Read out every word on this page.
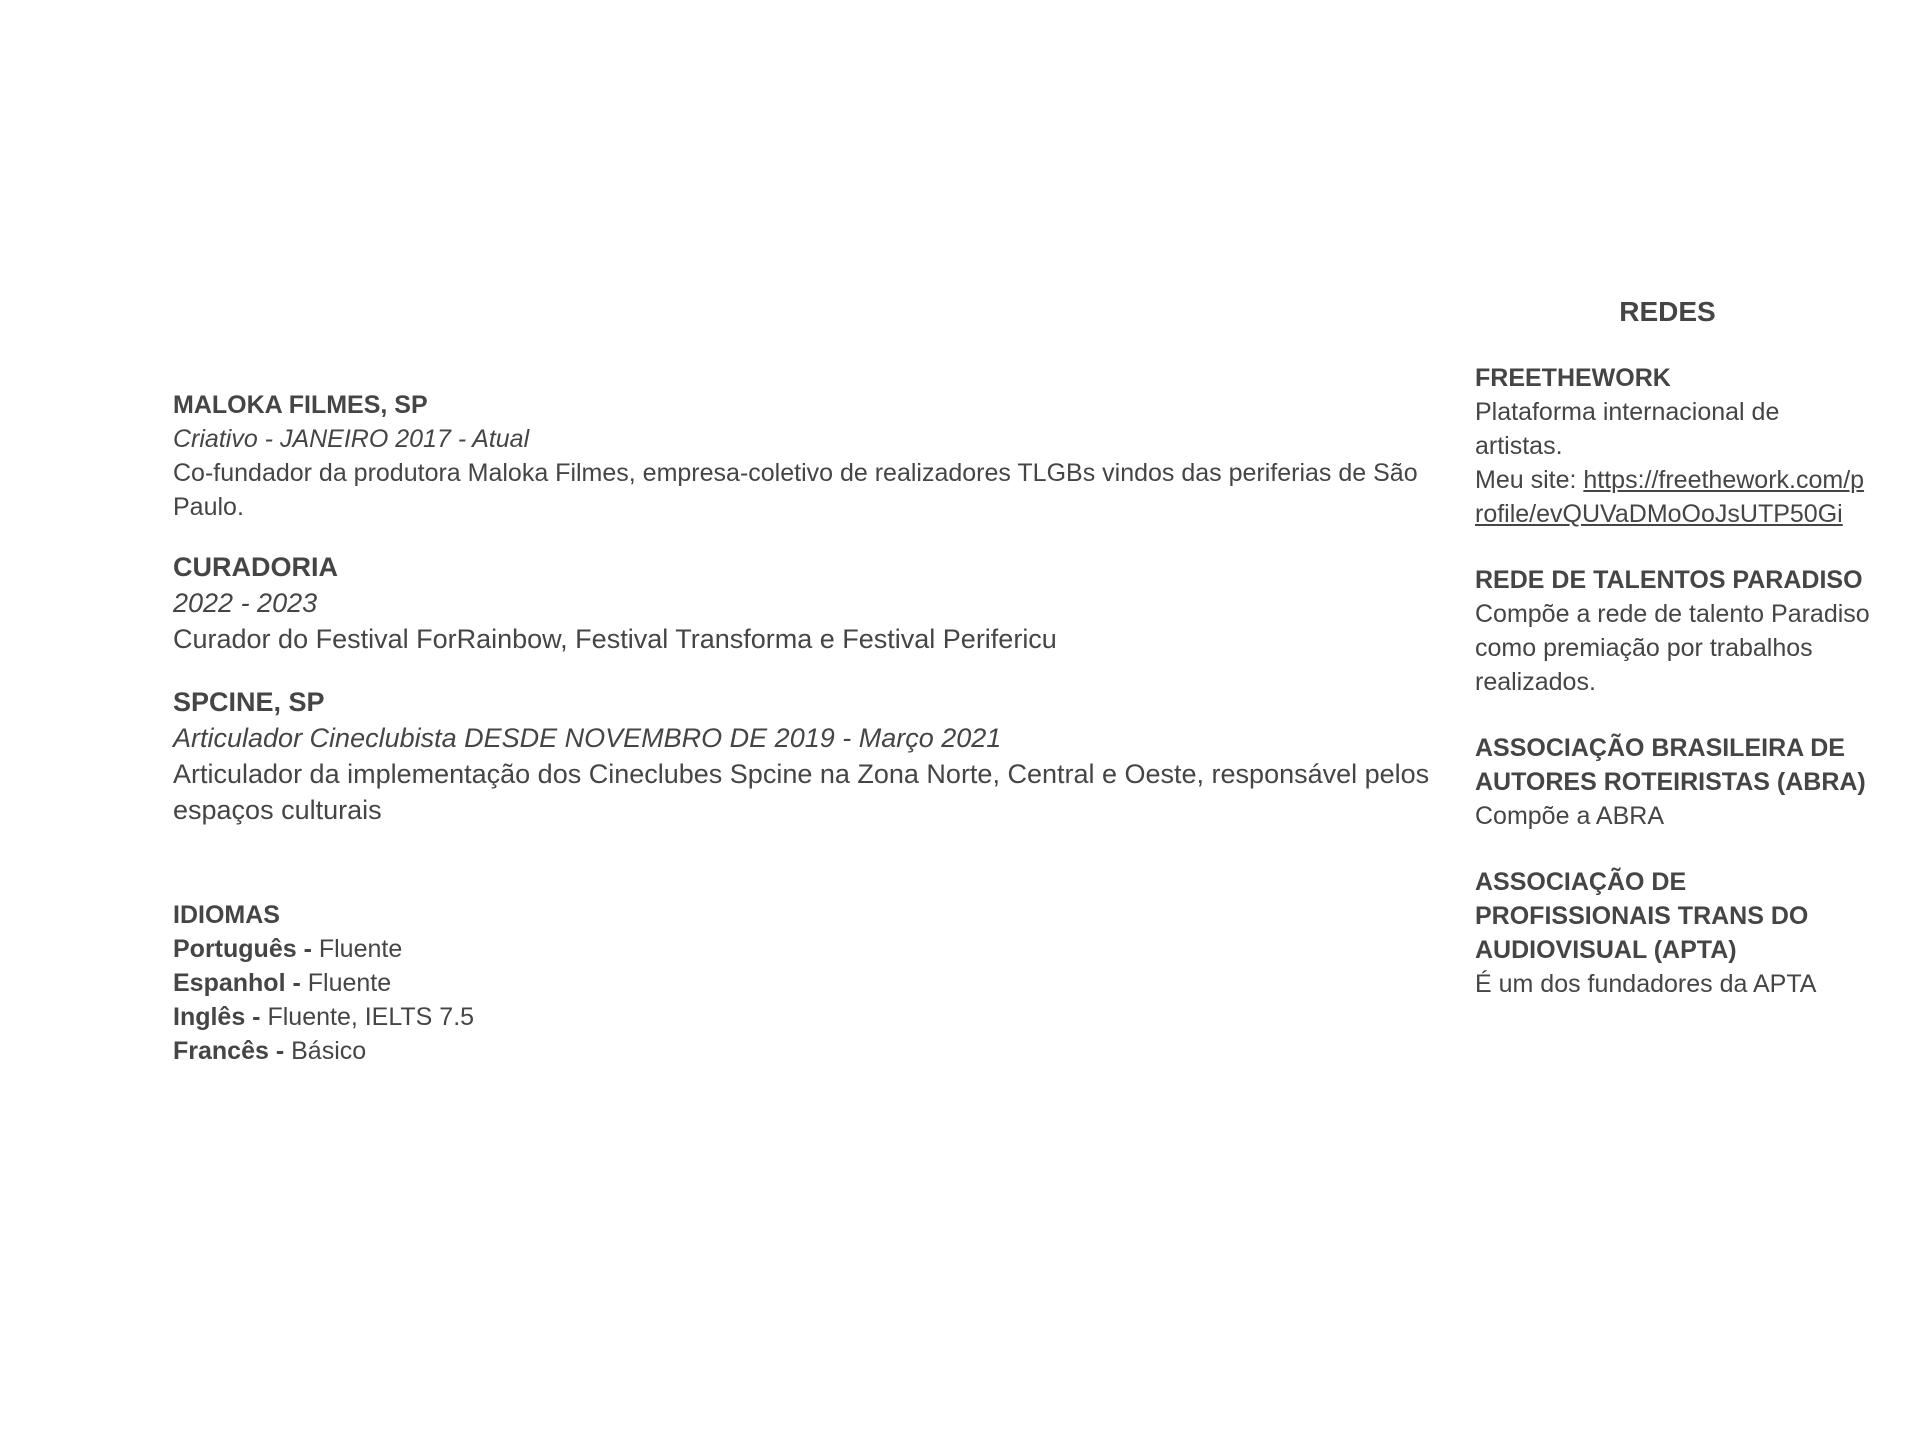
MALOKA FILMES, SP
Criativo - JANEIRO 2017 - Atual
Co-fundador da produtora Maloka Filmes, empresa-coletivo de realizadores TLGBs vindos das periferias de São Paulo.
CURADORIA
2022 - 2023
Curador do Festival ForRainbow, Festival Transforma e Festival Perifericu
SPCINE, SP
Articulador Cineclubista DESDE NOVEMBRO DE 2019 - Março 2021
Articulador da implementação dos Cineclubes Spcine na Zona Norte, Central e Oeste, responsável pelos espaços culturais
IDIOMAS
Português - Fluente
Espanhol - Fluente
Inglês - Fluente, IELTS 7.5
Francês - Básico
REDES
FREETHEWORK
Plataforma internacional de artistas.
Meu site: https://freethework.com/profile/evQUVaDMoOoJsUTP50Gi
REDE DE TALENTOS PARADISO
Compõe a rede de talento Paradiso como premiação por trabalhos realizados.
ASSOCIAÇÃO BRASILEIRA DE AUTORES ROTEIRISTAS (ABRA)
Compõe a ABRA
ASSOCIAÇÃO DE PROFISSIONAIS TRANS DO AUDIOVISUAL (APTA)
É um dos fundadores da APTA
